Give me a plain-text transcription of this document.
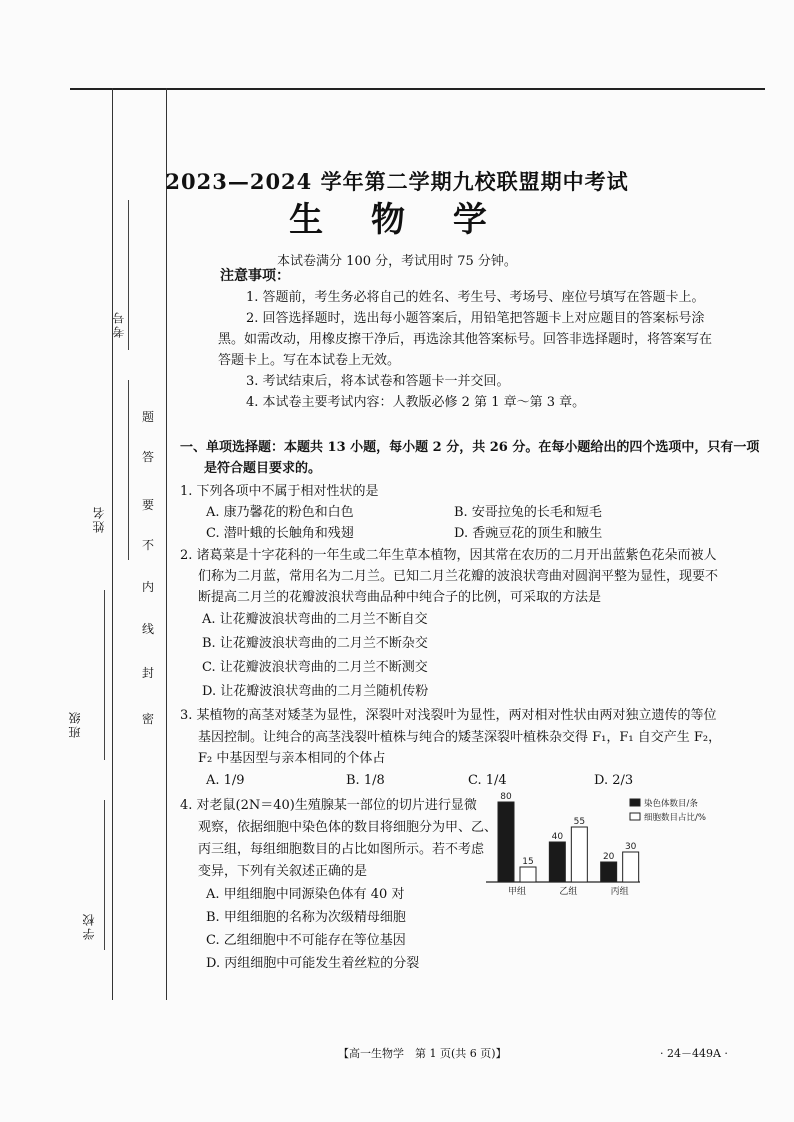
考号
姓名
班级
学校
题
答
要
不
内
线
封
密
2023—2024 学年第二学期九校联盟期中考试
生 物 学
本试卷满分 100 分，考试用时 75 分钟。
注意事项：
1. 答题前，考生务必将自己的姓名、考生号、考场号、座位号填写在答题卡上。
2. 回答选择题时，选出每小题答案后，用铅笔把答题卡上对应题目的答案标号涂
黑。如需改动，用橡皮擦干净后，再选涂其他答案标号。回答非选择题时，将答案写在
答题卡上。写在本试卷上无效。
3. 考试结束后，将本试卷和答题卡一并交回。
4. 本试卷主要考试内容：人教版必修 2 第 1 章～第 3 章。
一、单项选择题：本题共 13 小题，每小题 2 分，共 26 分。在每小题给出的四个选项中，只有一项
是符合题目要求的。
1. 下列各项中不属于相对性状的是
A. 康乃馨花的粉色和白色	B. 安哥拉兔的长毛和短毛
C. 潜叶蛾的长触角和残翅	D. 香豌豆花的顶生和腋生
2. 诸葛菜是十字花科的一年生或二年生草本植物，因其常在农历的二月开出蓝紫色花朵而被人
们称为二月蓝，常用名为二月兰。已知二月兰花瓣的波浪状弯曲对圆润平整为显性，现要不
断提高二月兰的花瓣波浪状弯曲品种中纯合子的比例，可采取的方法是
A. 让花瓣波浪状弯曲的二月兰不断自交
B. 让花瓣波浪状弯曲的二月兰不断杂交
C. 让花瓣波浪状弯曲的二月兰不断测交
D. 让花瓣波浪状弯曲的二月兰随机传粉
3. 某植物的高茎对矮茎为显性，深裂叶对浅裂叶为显性，两对相对性状由两对独立遗传的等位
基因控制。让纯合的高茎浅裂叶植株与纯合的矮茎深裂叶植株杂交得 F₁，F₁ 自交产生 F₂，
F₂ 中基因型与亲本相同的个体占
A. 1/9	B. 1/8	C. 1/4	D. 2/3
4. 对老鼠(2N＝40)生殖腺某一部位的切片进行显微
观察，依据细胞中染色体的数目将细胞分为甲、乙、
丙三组，每组细胞数目的占比如图所示。若不考虑
变异，下列有关叙述正确的是
A. 甲组细胞中同源染色体有 40 对
B. 甲组细胞的名称为次级精母细胞
C. 乙组细胞中不可能存在等位基因
D. 丙组细胞中可能发生着丝粒的分裂
80
15
甲组
40
55
乙组
20
30
丙组
染色体数目/条
细胞数目占比/%
【高一生物学　第 1 页(共 6 页)】	· 24－449A ·
